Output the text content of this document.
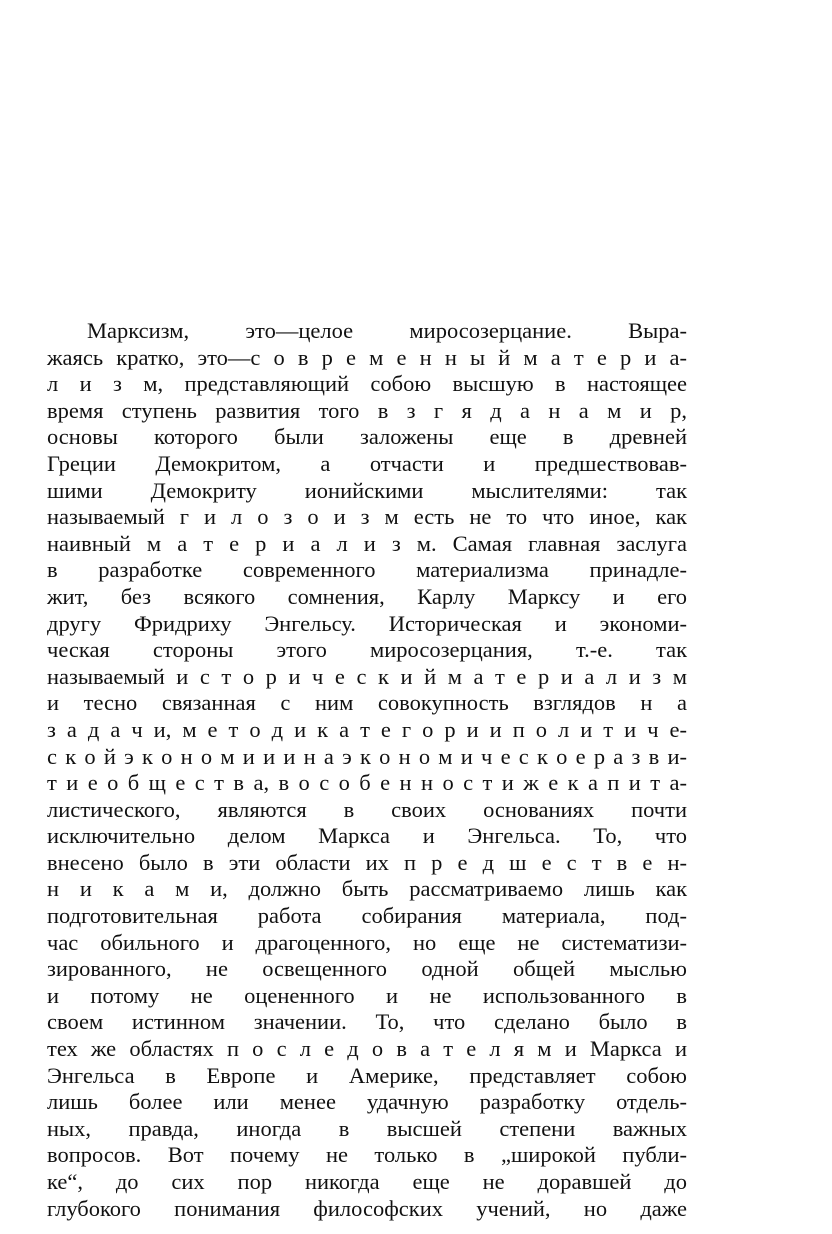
Марксизм, это—целое миросозерцание. Выра-
жаясь кратко, это—с о в р е м е н н ы й м а т е р и а-
л и з м, представляющий собою высшую в настоящее
время ступень развития того в з г я д а н а м и р,
основы которого были заложены еще в древней
Греции Демокритом, а отчасти и предшествовав-
шими Демокриту ионийскими мыслителями: так
называемый г и л о з о и з м есть не то что иное, как
наивный м а т е р и а л и з м. Самая главная заслуга
в разработке современного материализма принадле-
жит, без всякого сомнения, Карлу Марксу и его
другу Фридриху Энгельсу. Историческая и экономи-
ческая стороны этого миросозерцания, т.-е. так
называемый и с т о р и ч е с к и й м а т е р и а л и з м
и тесно связанная с ним совокупность взглядов н а
з а д а ч и, м е т о д и к а т е г о р и и п о л и т и ч е-
с к о й э к о н о м и и и н а э к о н о м и ч е с к о е р а з в и-
т и е о б щ е с т в а, в о с о б е н н о с т и ж е к а п и т а-
листического, являются в своих основаниях почти
исключительно делом Маркса и Энгельса. То, что
внесено было в эти области их п р е д ш е с т в е н-
н и к а м и, должно быть рассматриваемо лишь как
подготовительная работа собирания материала, под-
час обильного и драгоценного, но еще не систематизи-
зированного, не освещенного одной общей мыслью
и потому не оцененного и не использованного в
своем истинном значении. То, что сделано было в
тех же областях п о с л е д о в а т е л я м и Маркса и
Энгельса в Европе и Америке, представляет собою
лишь более или менее удачную разработку отдель-
ных, правда, иногда в высшей степени важных
вопросов. Вот почему не только в „широкой публи-
ке“, до сих пор никогда еще не доравшей до
глубокого понимания философских учений, но даже
